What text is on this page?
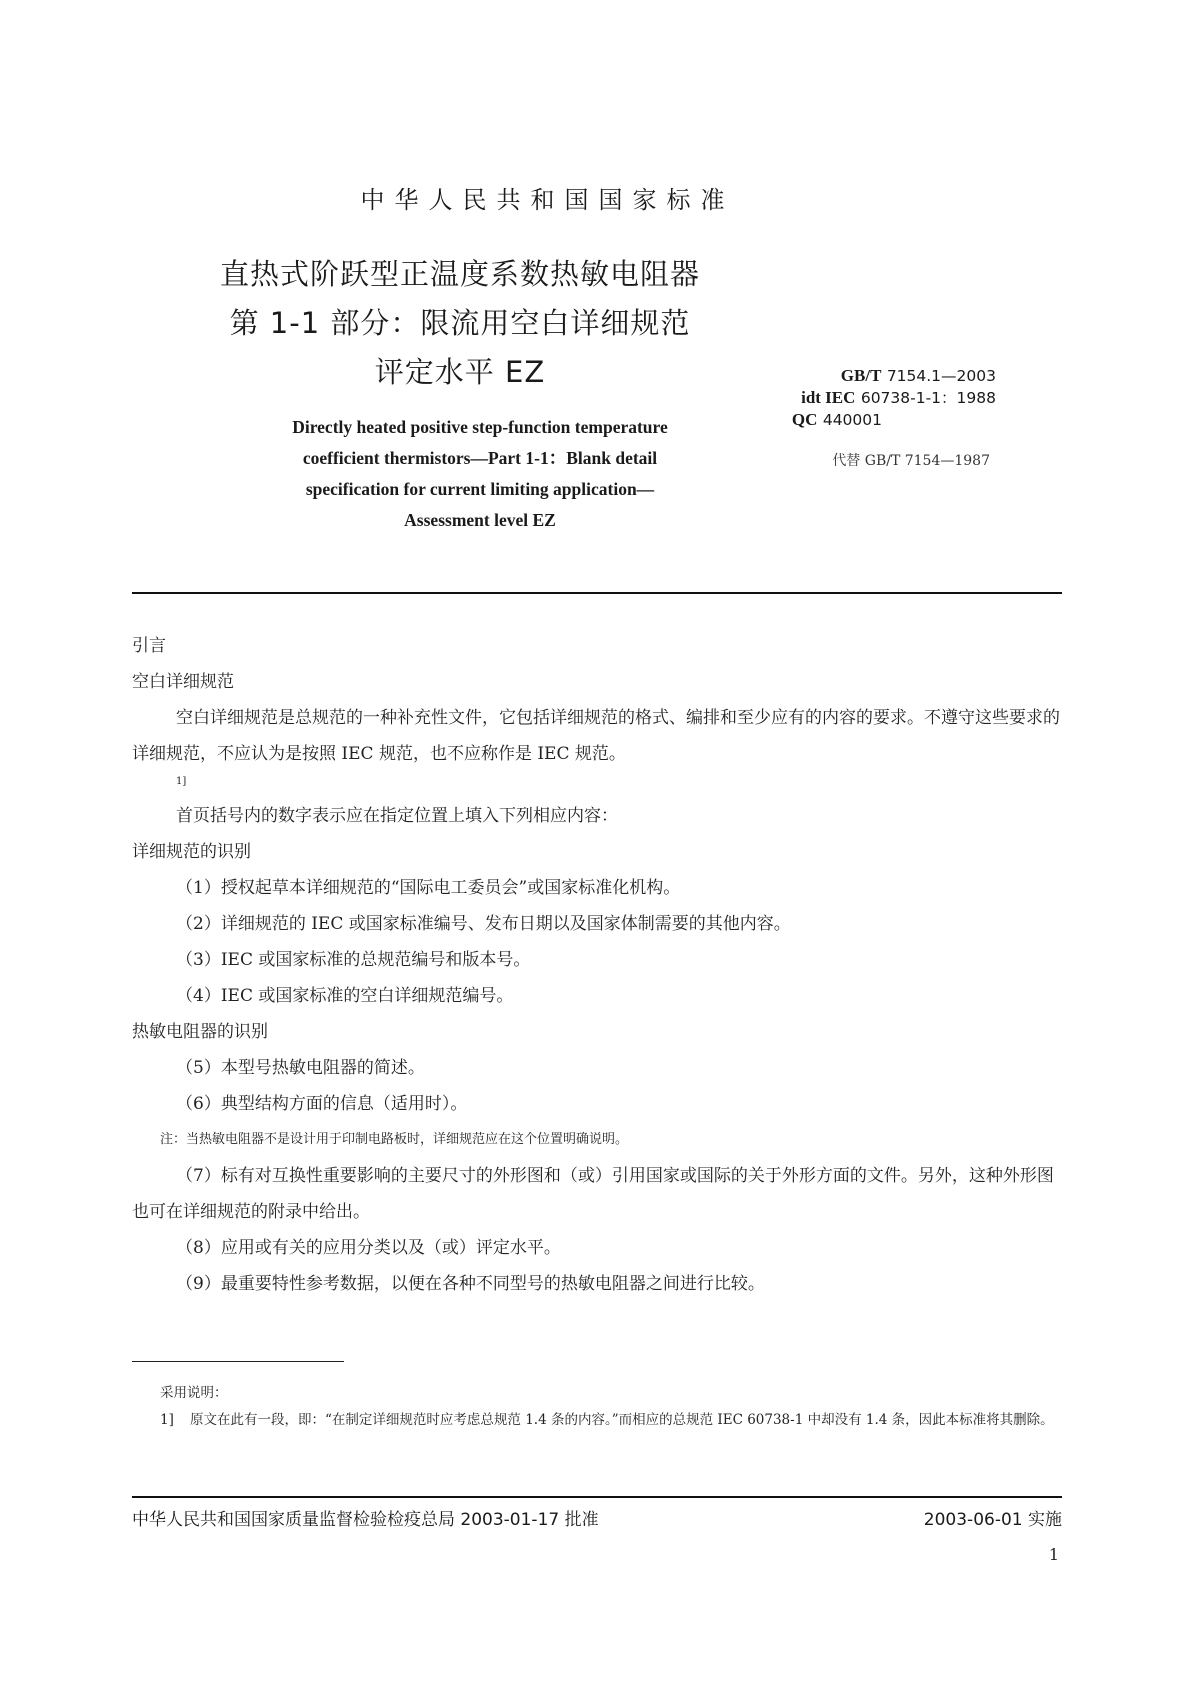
中华人民共和国国家标准
直热式阶跃型正温度系数热敏电阻器
第 1-1 部分：限流用空白详细规范
评定水平 EZ	GB/T 7154.1—2003
idt IEC 60738-1-1：1988
QC 440001
代替 GB/T 7154—1987
Directly heated positive step-function temperature
coefficient thermistors—Part 1-1：Blank detail
specification for current limiting application—
Assessment level EZ

引言

空白详细规范

空白详细规范是总规范的一种补充性文件，它包括详细规范的格式、编排和至少应有的内容的要求。不遵守这些要求的详细规范，不应认为是按照 IEC 规范，也不应称作是 IEC 规范。

1]

首页括号内的数字表示应在指定位置上填入下列相应内容：

详细规范的识别

（1）授权起草本详细规范的“国际电工委员会”或国家标准化机构。

（2）详细规范的 IEC 或国家标准编号、发布日期以及国家体制需要的其他内容。

（3）IEC 或国家标准的总规范编号和版本号。

（4）IEC 或国家标准的空白详细规范编号。

热敏电阻器的识别

（5）本型号热敏电阻器的简述。

（6）典型结构方面的信息（适用时）。

注：当热敏电阻器不是设计用于印制电路板时，详细规范应在这个位置明确说明。

（7）标有对互换性重要影响的主要尺寸的外形图和（或）引用国家或国际的关于外形方面的文件。另外，这种外形图也可在详细规范的附录中给出。

（8）应用或有关的应用分类以及（或）评定水平。

（9）最重要特性参考数据，以便在各种不同型号的热敏电阻器之间进行比较。

采用说明：
1]	原文在此有一段，即：“在制定详细规范时应考虑总规范 1.4 条的内容。”而相应的总规范 IEC 60738-1 中却没有 1.4 条，因此本标准将其删除。
中华人民共和国国家质量监督检验检疫总局 2003-01-17 批准	2003-06-01 实施
1
